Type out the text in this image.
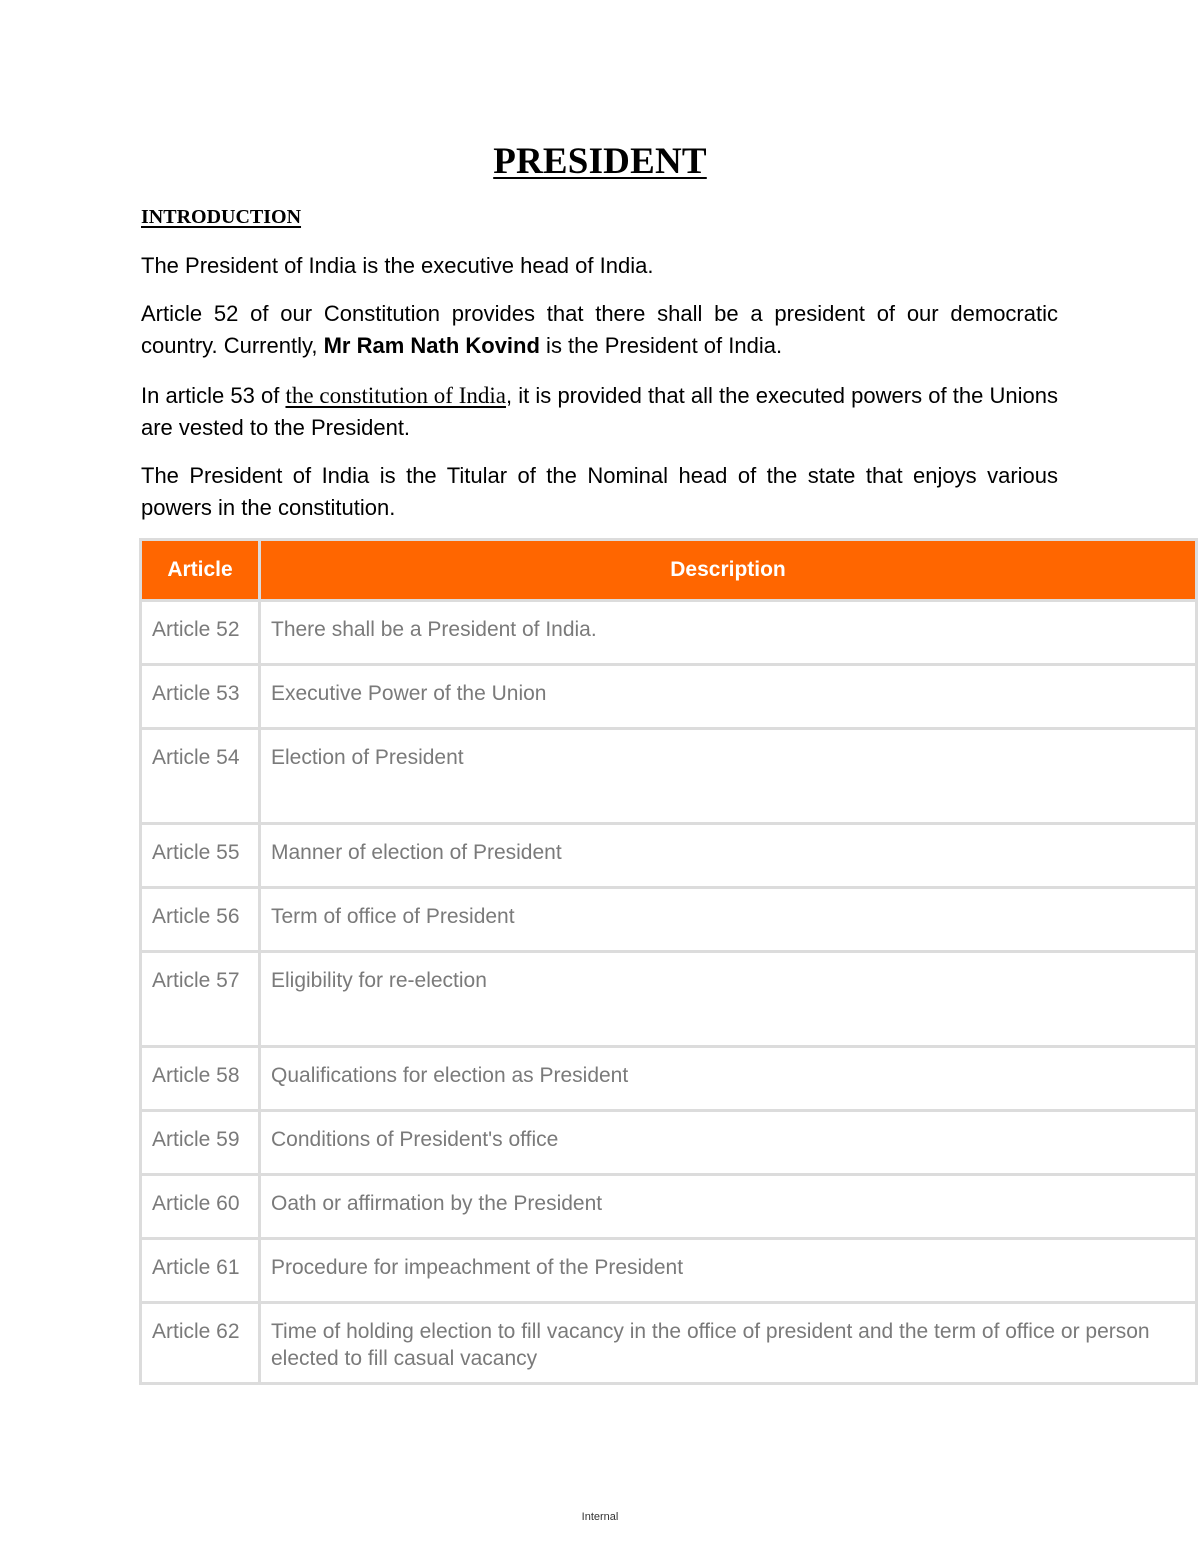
PRESIDENT
INTRODUCTION

The President of India is the executive head of India.

Article 52 of our Constitution provides that there shall be a president of our democratic country. Currently, Mr Ram Nath Kovind is the President of India.

In article 53 of the constitution of India, it is provided that all the executed powers of the Unions are vested to the President.

The President of India is the Titular of the Nominal head of the state that enjoys various powers in the constitution.

Article	Description
Article 52	There shall be a President of India.
Article 53	Executive Power of the Union
Article 54	Election of President
Article 55	Manner of election of President
Article 56	Term of office of President
Article 57	Eligibility for re-election
Article 58	Qualifications for election as President
Article 59	Conditions of President's office
Article 60	Oath or affirmation by the President
Article 61	Procedure for impeachment of the President
Article 62	Time of holding election to fill vacancy in the office of president and the term of office or person elected to fill casual vacancy
Internal
